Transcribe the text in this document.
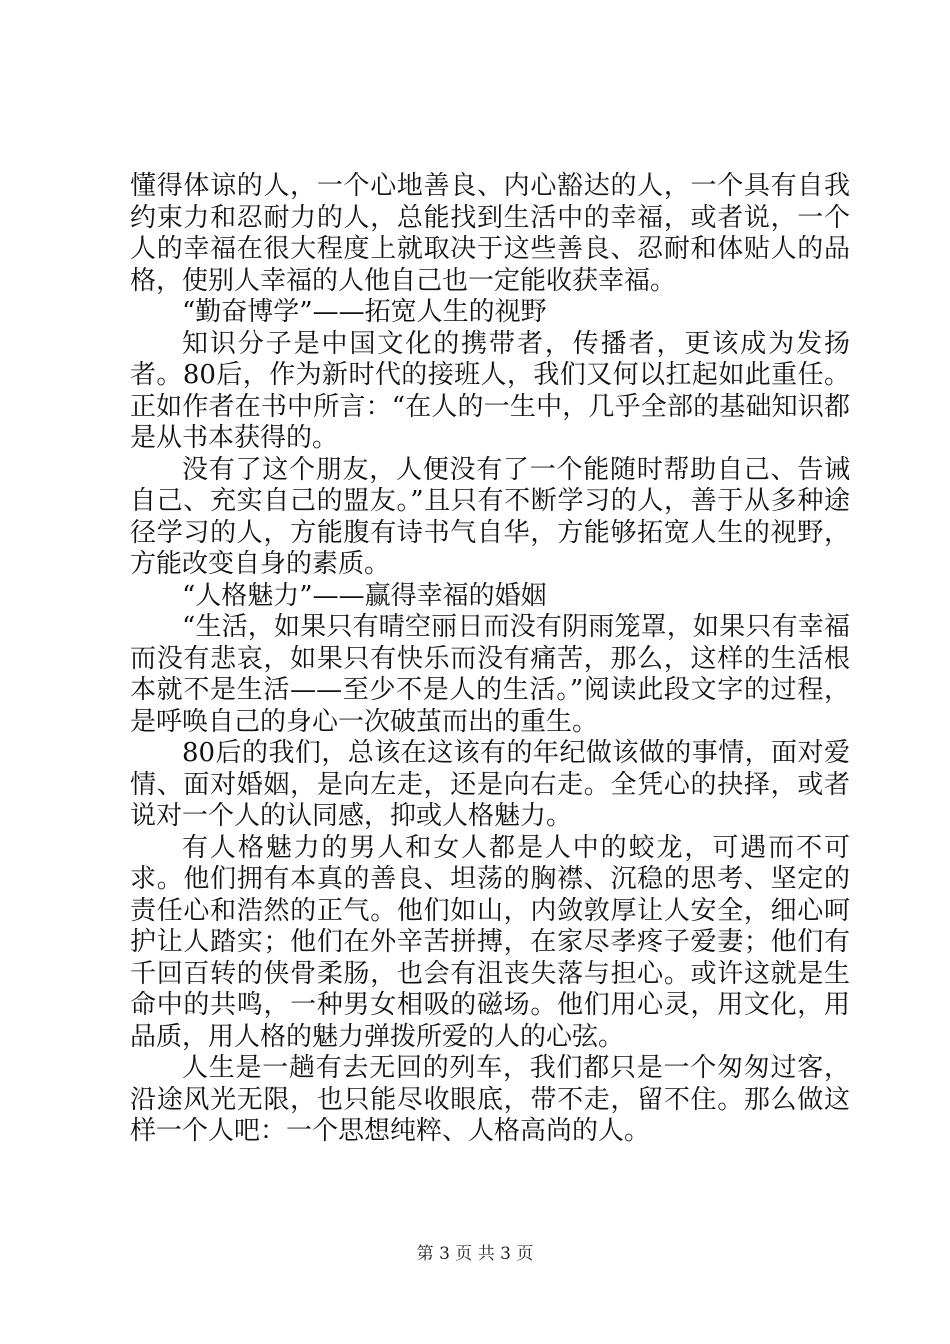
懂得体谅的人，一个心地善良、内心豁达的人，一个具有自我约束力和忍耐力的人，总能找到生活中的幸福，或者说，一个人的幸福在很大程度上就取决于这些善良、忍耐和体贴人的品格，使别人幸福的人他自己也一定能收获幸福。

“勤奋博学”——拓宽人生的视野

知识分子是中国文化的携带者，传播者，更该成为发扬者。80后，作为新时代的接班人，我们又何以扛起如此重任。正如作者在书中所言：“在人的一生中，几乎全部的基础知识都是从书本获得的。

没有了这个朋友，人便没有了一个能随时帮助自己、告诫自己、充实自己的盟友。”且只有不断学习的人，善于从多种途径学习的人，方能腹有诗书气自华，方能够拓宽人生的视野，方能改变自身的素质。

“人格魅力”——赢得幸福的婚姻

“生活，如果只有晴空丽日而没有阴雨笼罩，如果只有幸福而没有悲哀，如果只有快乐而没有痛苦，那么，这样的生活根本就不是生活——至少不是人的生活。”阅读此段文字的过程，是呼唤自己的身心一次破茧而出的重生。

80后的我们，总该在这该有的年纪做该做的事情，面对爱情、面对婚姻，是向左走，还是向右走。全凭心的抉择，或者说对一个人的认同感，抑或人格魅力。

有人格魅力的男人和女人都是人中的蛟龙，可遇而不可求。他们拥有本真的善良、坦荡的胸襟、沉稳的思考、坚定的责任心和浩然的正气。他们如山，内敛敦厚让人安全，细心呵护让人踏实；他们在外辛苦拼搏，在家尽孝疼子爱妻；他们有千回百转的侠骨柔肠，也会有沮丧失落与担心。或许这就是生命中的共鸣，一种男女相吸的磁场。他们用心灵，用文化，用品质，用人格的魅力弹拨所爱的人的心弦。

人生是一趟有去无回的列车，我们都只是一个匆匆过客，沿途风光无限，也只能尽收眼底，带不走，留不住。那么做这样一个人吧：一个思想纯粹、人格高尚的人。

第 3 页 共 3 页
